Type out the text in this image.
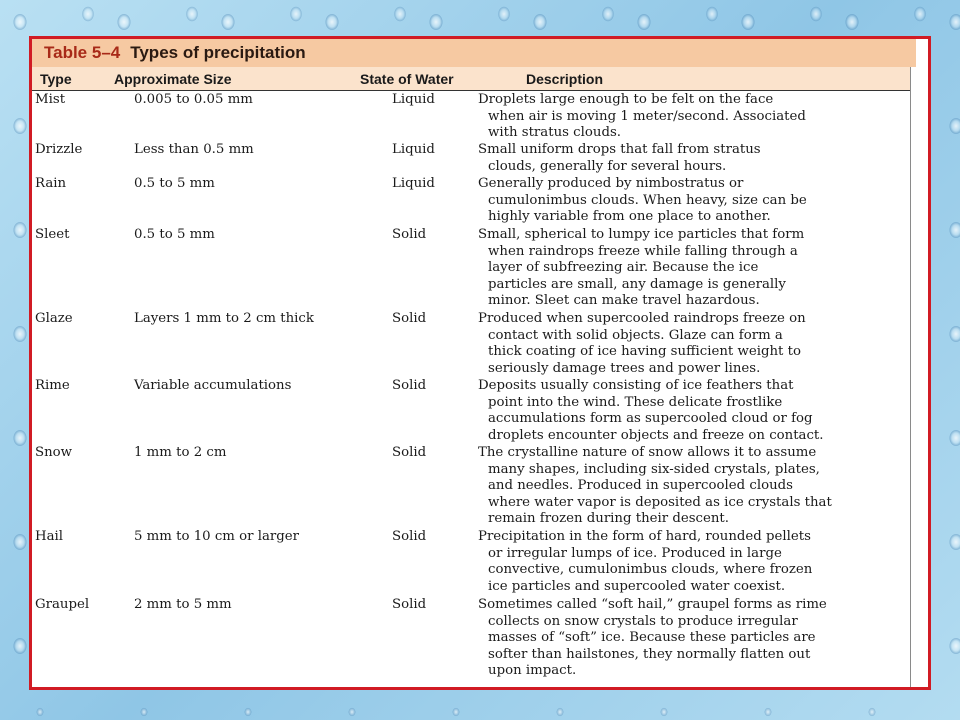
Table 5–4 Types of precipitation
Type	Approximate Size	State of Water	Description
Mist	0.005 to 0.05 mm	Liquid	Droplets large enough to be felt on the face
when air is moving 1 meter/second. Associated
with stratus clouds.
Drizzle	Less than 0.5 mm	Liquid	Small uniform drops that fall from stratus
clouds, generally for several hours.
Rain	0.5 to 5 mm	Liquid	Generally produced by nimbostratus or
cumulonimbus clouds. When heavy, size can be
highly variable from one place to another.
Sleet	0.5 to 5 mm	Solid	Small, spherical to lumpy ice particles that form
when raindrops freeze while falling through a
layer of subfreezing air. Because the ice
particles are small, any damage is generally
minor. Sleet can make travel hazardous.
Glaze	Layers 1 mm to 2 cm thick	Solid	Produced when supercooled raindrops freeze on
contact with solid objects. Glaze can form a
thick coating of ice having sufficient weight to
seriously damage trees and power lines.
Rime	Variable accumulations	Solid	Deposits usually consisting of ice feathers that
point into the wind. These delicate frostlike
accumulations form as supercooled cloud or fog
droplets encounter objects and freeze on contact.
Snow	1 mm to 2 cm	Solid	The crystalline nature of snow allows it to assume
many shapes, including six-sided crystals, plates,
and needles. Produced in supercooled clouds
where water vapor is deposited as ice crystals that
remain frozen during their descent.
Hail	5 mm to 10 cm or larger	Solid	Precipitation in the form of hard, rounded pellets
or irregular lumps of ice. Produced in large
convective, cumulonimbus clouds, where frozen
ice particles and supercooled water coexist.
Graupel	2 mm to 5 mm	Solid	Sometimes called “soft hail,” graupel forms as rime
collects on snow crystals to produce irregular
masses of “soft” ice. Because these particles are
softer than hailstones, they normally flatten out
upon impact.
